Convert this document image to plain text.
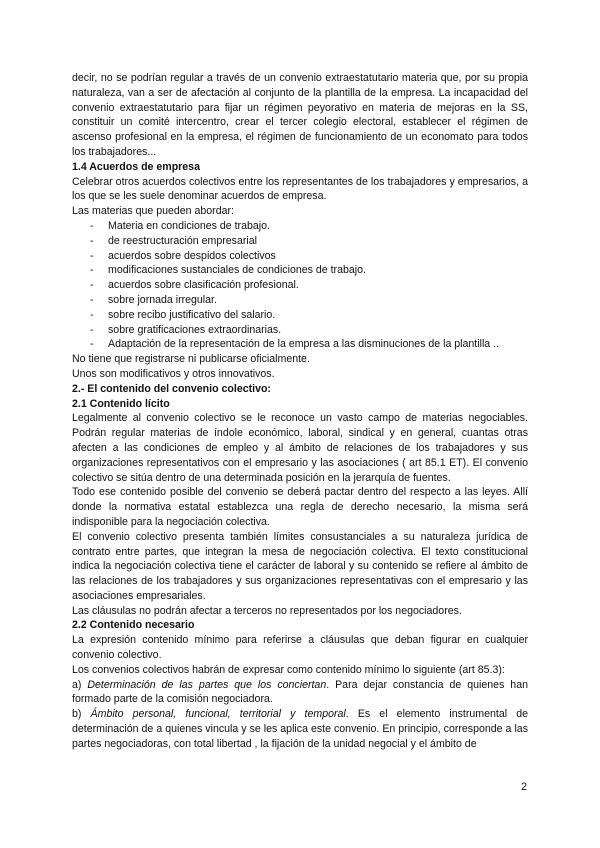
decir, no se podrían regular a través de un convenio extraestatutario materia que, por su propia naturaleza, van a ser de afectación al conjunto de la plantilla de la empresa. La incapacidad del convenio extraestatutario para fijar un régimen peyorativo en materia de mejoras en la SS, constituir un comité intercentro, crear el tercer colegio electoral, establecer el régimen de ascenso profesional en la empresa, el régimen de funcionamiento de un economato para todos los trabajadores...

1.4 Acuerdos de empresa

Celebrar otros acuerdos colectivos entre los representantes de los trabajadores y empresarios, a los que se les suele denominar acuerdos de empresa.

Las materias que pueden abordar:

- Materia en condiciones de trabajo.
- de reestructuración empresarial
- acuerdos sobre despidos colectivos
- modificaciones sustanciales de condiciones de trabajo.
- acuerdos sobre clasificación profesional.
- sobre jornada irregular.
- sobre recibo justificativo del salario.
- sobre gratificaciones extraordinarias.
- Adaptación de la representación de la empresa a las disminuciones de la plantilla ..

No tiene que registrarse ni publicarse oficialmente.

Unos son modificativos y otros innovativos.

2.- El contenido del convenio colectivo:

2.1 Contenido lícito

Legalmente al convenio colectivo se le reconoce un vasto campo de materias negociables. Podrán regular materias de índole económico, laboral, sindical y en general, cuantas otras afecten a las condiciones de empleo y al ámbito de relaciones de los trabajadores y sus organizaciones representativos con el empresario y las asociaciones ( art 85.1 ET). El convenio colectivo se sitúa dentro de una determinada posición en la jerarquía de fuentes.

Todo ese contenido posible del convenio se deberá pactar dentro del respecto a las leyes. Allí donde la normativa estatal establezca una regla de derecho necesario, la misma será indisponible para la negociación colectiva.

El convenio colectivo presenta también límites consustanciales a su naturaleza jurídica de contrato entre partes, que integran la mesa de negociación colectiva. El texto constitucional indica la negociación colectiva tiene el carácter de laboral y su contenido se refiere al ámbito de las relaciones de los trabajadores y sus organizaciones representativas con el empresario y las asociaciones empresariales.

Las cláusulas no podrán afectar a terceros no representados por los negociadores.

2.2 Contenido necesario

La expresión contenido mínimo para referirse a cláusulas que deban figurar en cualquier convenio colectivo.

Los convenios colectivos habrán de expresar como contenido mínimo lo siguiente (art 85.3):

a) Determinación de las partes que los conciertan. Para dejar constancia de quienes han formado parte de la comisión negociadora.

b) Ámbito personal, funcional, territorial y temporal. Es el elemento instrumental de determinación de a quienes vincula y se les aplica este convenio. En principio, corresponde a las partes negociadoras, con total libertad , la fijación de la unidad negocial y el ámbito de

2
